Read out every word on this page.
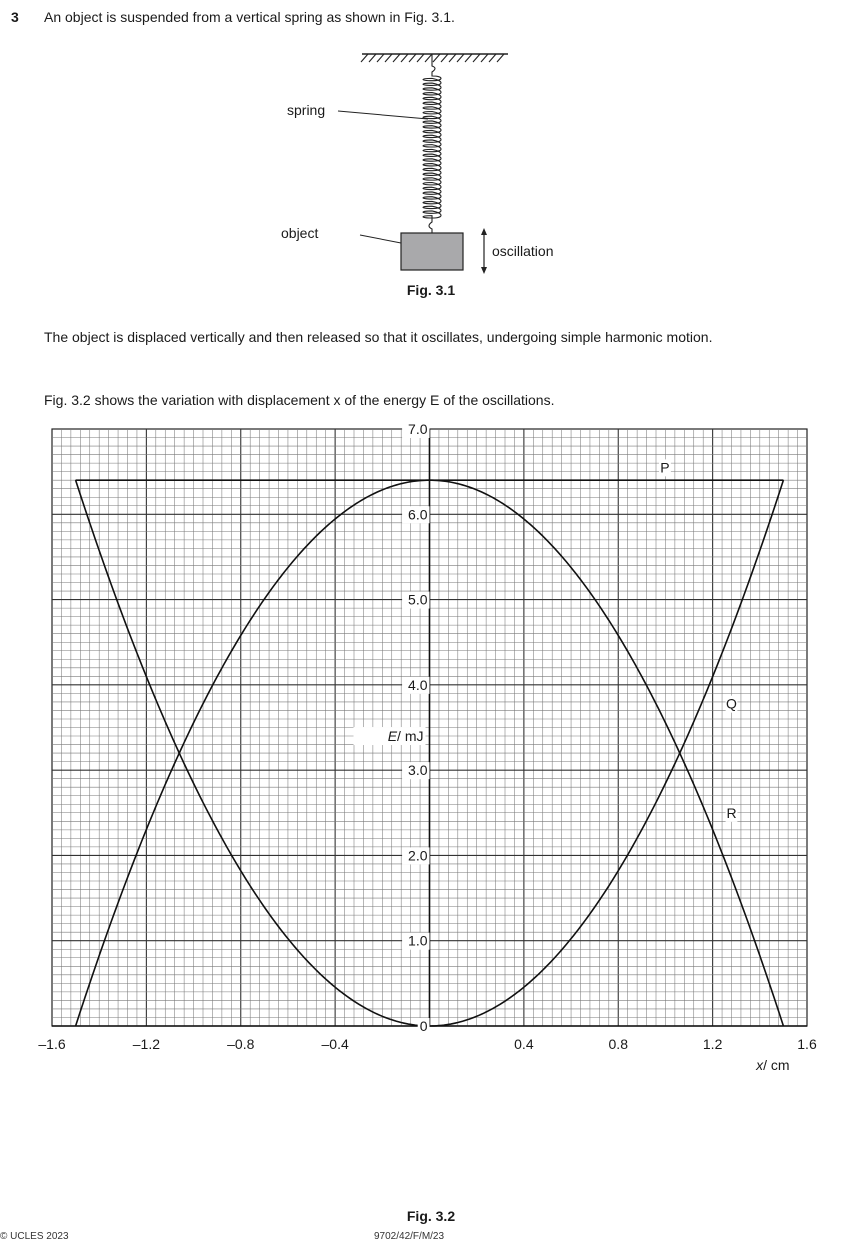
3 An object is suspended from a vertical spring as shown in Fig. 3.1.
spring
object
oscillation
Fig. 3.1
The object is displaced vertically and then released so that it oscillates, undergoing simple harmonic motion.
Fig. 3.2 shows the variation with displacement x of the energy E of the oscillations.
–1.6	–1.2	–0.8	–0.4	0.4	0.8	1.2	1.6
0
1.0
2.0
3.0
4.0
5.0
6.0
7.0
E/ mJ
x/ cm
P
Q
R
Fig. 3.2
© UCLES 2023	9702/42/F/M/23
